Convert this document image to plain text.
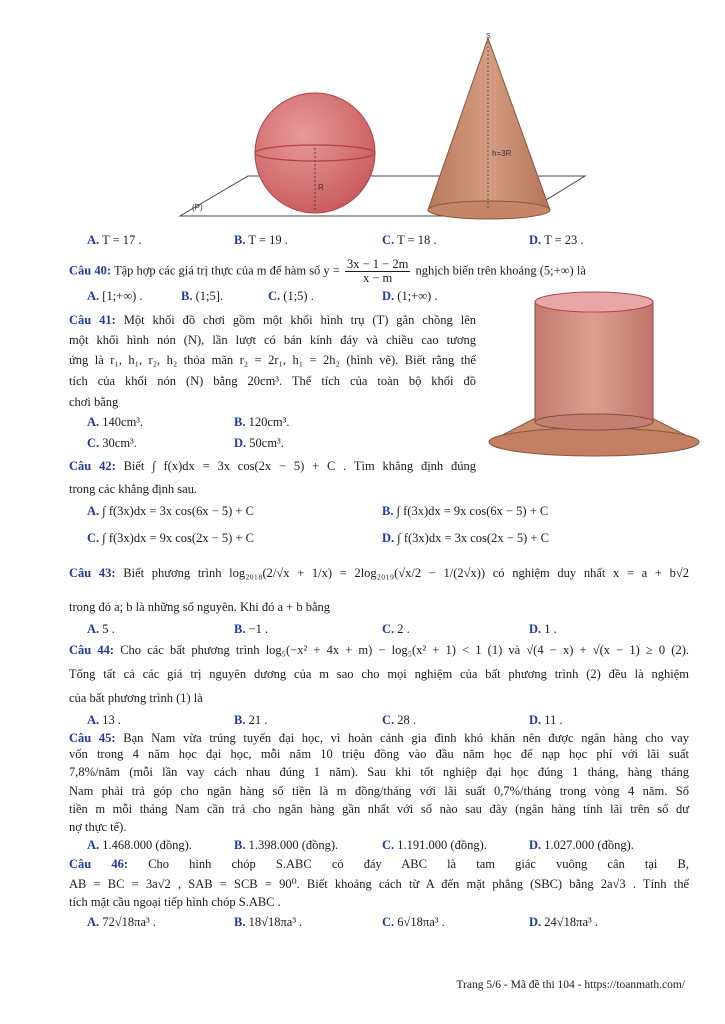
(P)
R
S
h=3R
A. T = 17 .	B. T = 19 .	C. T = 18 .	D. T = 23 .
Câu 40: Tập hợp các giá trị thực của m để hàm số $y = \frac{3x - 1 - 2m}{x - m}$ nghịch biến trên khoảng (5;+∞) là
A. [1;+∞) .	B. (1;5].	C. (1;5) .	D. (1;+∞) .
Câu 41: Một khối đồ chơi gồm một khối hình trụ (T) gắn chồng lên
một khối hình nón (N), lần lượt có bán kính đáy và chiều cao tương
ứng là r₁, h₁, r₂, h₂ thỏa mãn r₂ = 2r₁, h₁ = 2h₂ (hình vẽ). Biết rằng thể
tích của khối nón (N) bằng 20cm³. Thể tích của toàn bộ khối đồ
chơi bằng
A. 140cm³.	B. 120cm³.
C. 30cm³.	D. 50cm³.
Câu 42: Biết ∫ f(x)dx = 3x cos(2x − 5) + C . Tìm khẳng định đúng
trong các khẳng định sau.
A. ∫ f(3x)dx = 3x cos(6x − 5) + C	B. ∫ f(3x)dx = 9x cos(6x − 5) + C
C. ∫ f(3x)dx = 9x cos(2x − 5) + C	D. ∫ f(3x)dx = 3x cos(2x − 5) + C
Câu 43: Biết phương trình log₂₀₁₈(2/√x + 1/x) = 2log₂₀₁₉(√x/2 − 1/(2√x)) có nghiệm duy nhất x = a + b√2
trong đó a; b là những số nguyên. Khi đó a + b bằng
A. 5 .	B. −1 .	C. 2 .	D. 1 .
Câu 44: Cho các bất phương trình log₅(−x² + 4x + m) − log₅(x² + 1) < 1 (1) và √(4 − x) + √(x − 1) ≥ 0 (2).
Tổng tất cả các giá trị nguyên dương của m sao cho mọi nghiệm của bất phương trình (2) đều là nghiệm
của bất phương trình (1) là
A. 13 .	B. 21 .	C. 28 .	D. 11 .
Câu 45: Bạn Nam vừa trúng tuyển đại học, vì hoàn cảnh gia đình khó khăn nên được ngân hàng cho vay
vốn trong 4 năm học đại học, mỗi năm 10 triệu đồng vào đầu năm học để nạp học phí với lãi suất
7,8%/năm (mỗi lần vay cách nhau đúng 1 năm). Sau khi tốt nghiệp đại học đúng 1 tháng, hàng tháng
Nam phải trả góp cho ngân hàng số tiền là m đồng/tháng với lãi suất 0,7%/tháng trong vòng 4 năm. Số
tiền m mỗi tháng Nam cần trả cho ngân hàng gần nhất với số nào sau đây (ngân hàng tính lãi trên số dư
nợ thực tế).
A. 1.468.000 (đồng).	B. 1.398.000 (đồng).	C. 1.191.000 (đồng).	D. 1.027.000 (đồng).
Câu 46: Cho hình chóp S.ABC có đáy ABC là tam giác vuông cân tại B,
AB = BC = 3a√2 , SAB = SCB = 90⁰. Biết khoảng cách từ A đến mặt phẳng (SBC) bằng 2a√3 . Tính thể
tích mặt cầu ngoại tiếp hình chóp S.ABC .
A. 72√18πa³ .	B. 18√18πa³ .	C. 6√18πa³ .	D. 24√18πa³ .
Trang 5/6 - Mã đề thi 104 - https://toanmath.com/
